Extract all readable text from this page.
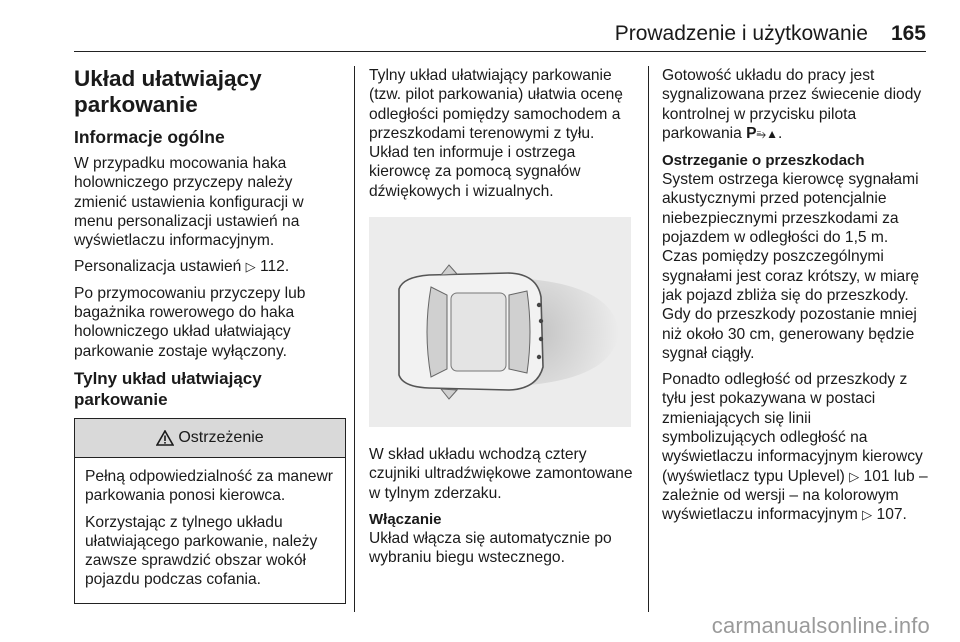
Prowadzenie i użytkowanie 165
Układ ułatwiający parkowanie
Informacje ogólne

W przypadku mocowania haka holowniczego przyczepy należy zmienić ustawienia konfiguracji w menu personalizacji ustawień na wyświetlaczu informacyjnym.

Personalizacja ustawień ▷ 112.

Po przymocowaniu przyczepy lub bagażnika rowerowego do haka holowniczego układ ułatwiający parkowanie zostaje wyłączony.

Tylny układ ułatwiający parkowanie
Ostrzeżenie

Pełną odpowiedzialność za manewr parkowania ponosi kierowca.

Korzystając z tylnego układu ułatwiającego parkowanie, należy zawsze sprawdzić obszar wokół pojazdu podczas cofania.

Tylny układ ułatwiający parkowanie (tzw. pilot parkowania) ułatwia ocenę odległości pomiędzy samochodem a przeszkodami terenowymi z tyłu. Układ ten informuje i ostrzega kierowcę za pomocą sygnałów dźwiękowych i wizualnych.

W skład układu wchodzą cztery czujniki ultradźwiękowe zamontowane w tylnym zderzaku.

Włączanie

Układ włącza się automatycznie po wybraniu biegu wstecznego.

Gotowość układu do pracy jest sygnalizowana przez świecenie diody kontrolnej w przycisku pilota parkowania P⥱▲.

Ostrzeganie o przeszkodach

System ostrzega kierowcę sygnałami akustycznymi przed potencjalnie niebezpiecznymi przeszkodami za pojazdem w odległości do 1,5 m. Czas pomiędzy poszczególnymi sygnałami jest coraz krótszy, w miarę jak pojazd zbliża się do przeszkody. Gdy do przeszkody pozostanie mniej niż około 30 cm, generowany będzie sygnał ciągły.

Ponadto odległość od przeszkody z tyłu jest pokazywana w postaci zmieniających się linii symbolizujących odległość na wyświetlaczu informacyjnym kierowcy (wyświetlacz typu Uplevel) ▷ 101 lub – zależnie od wersji – na kolorowym wyświetlaczu informacyjnym ▷ 107.

carmanualsonline.info
